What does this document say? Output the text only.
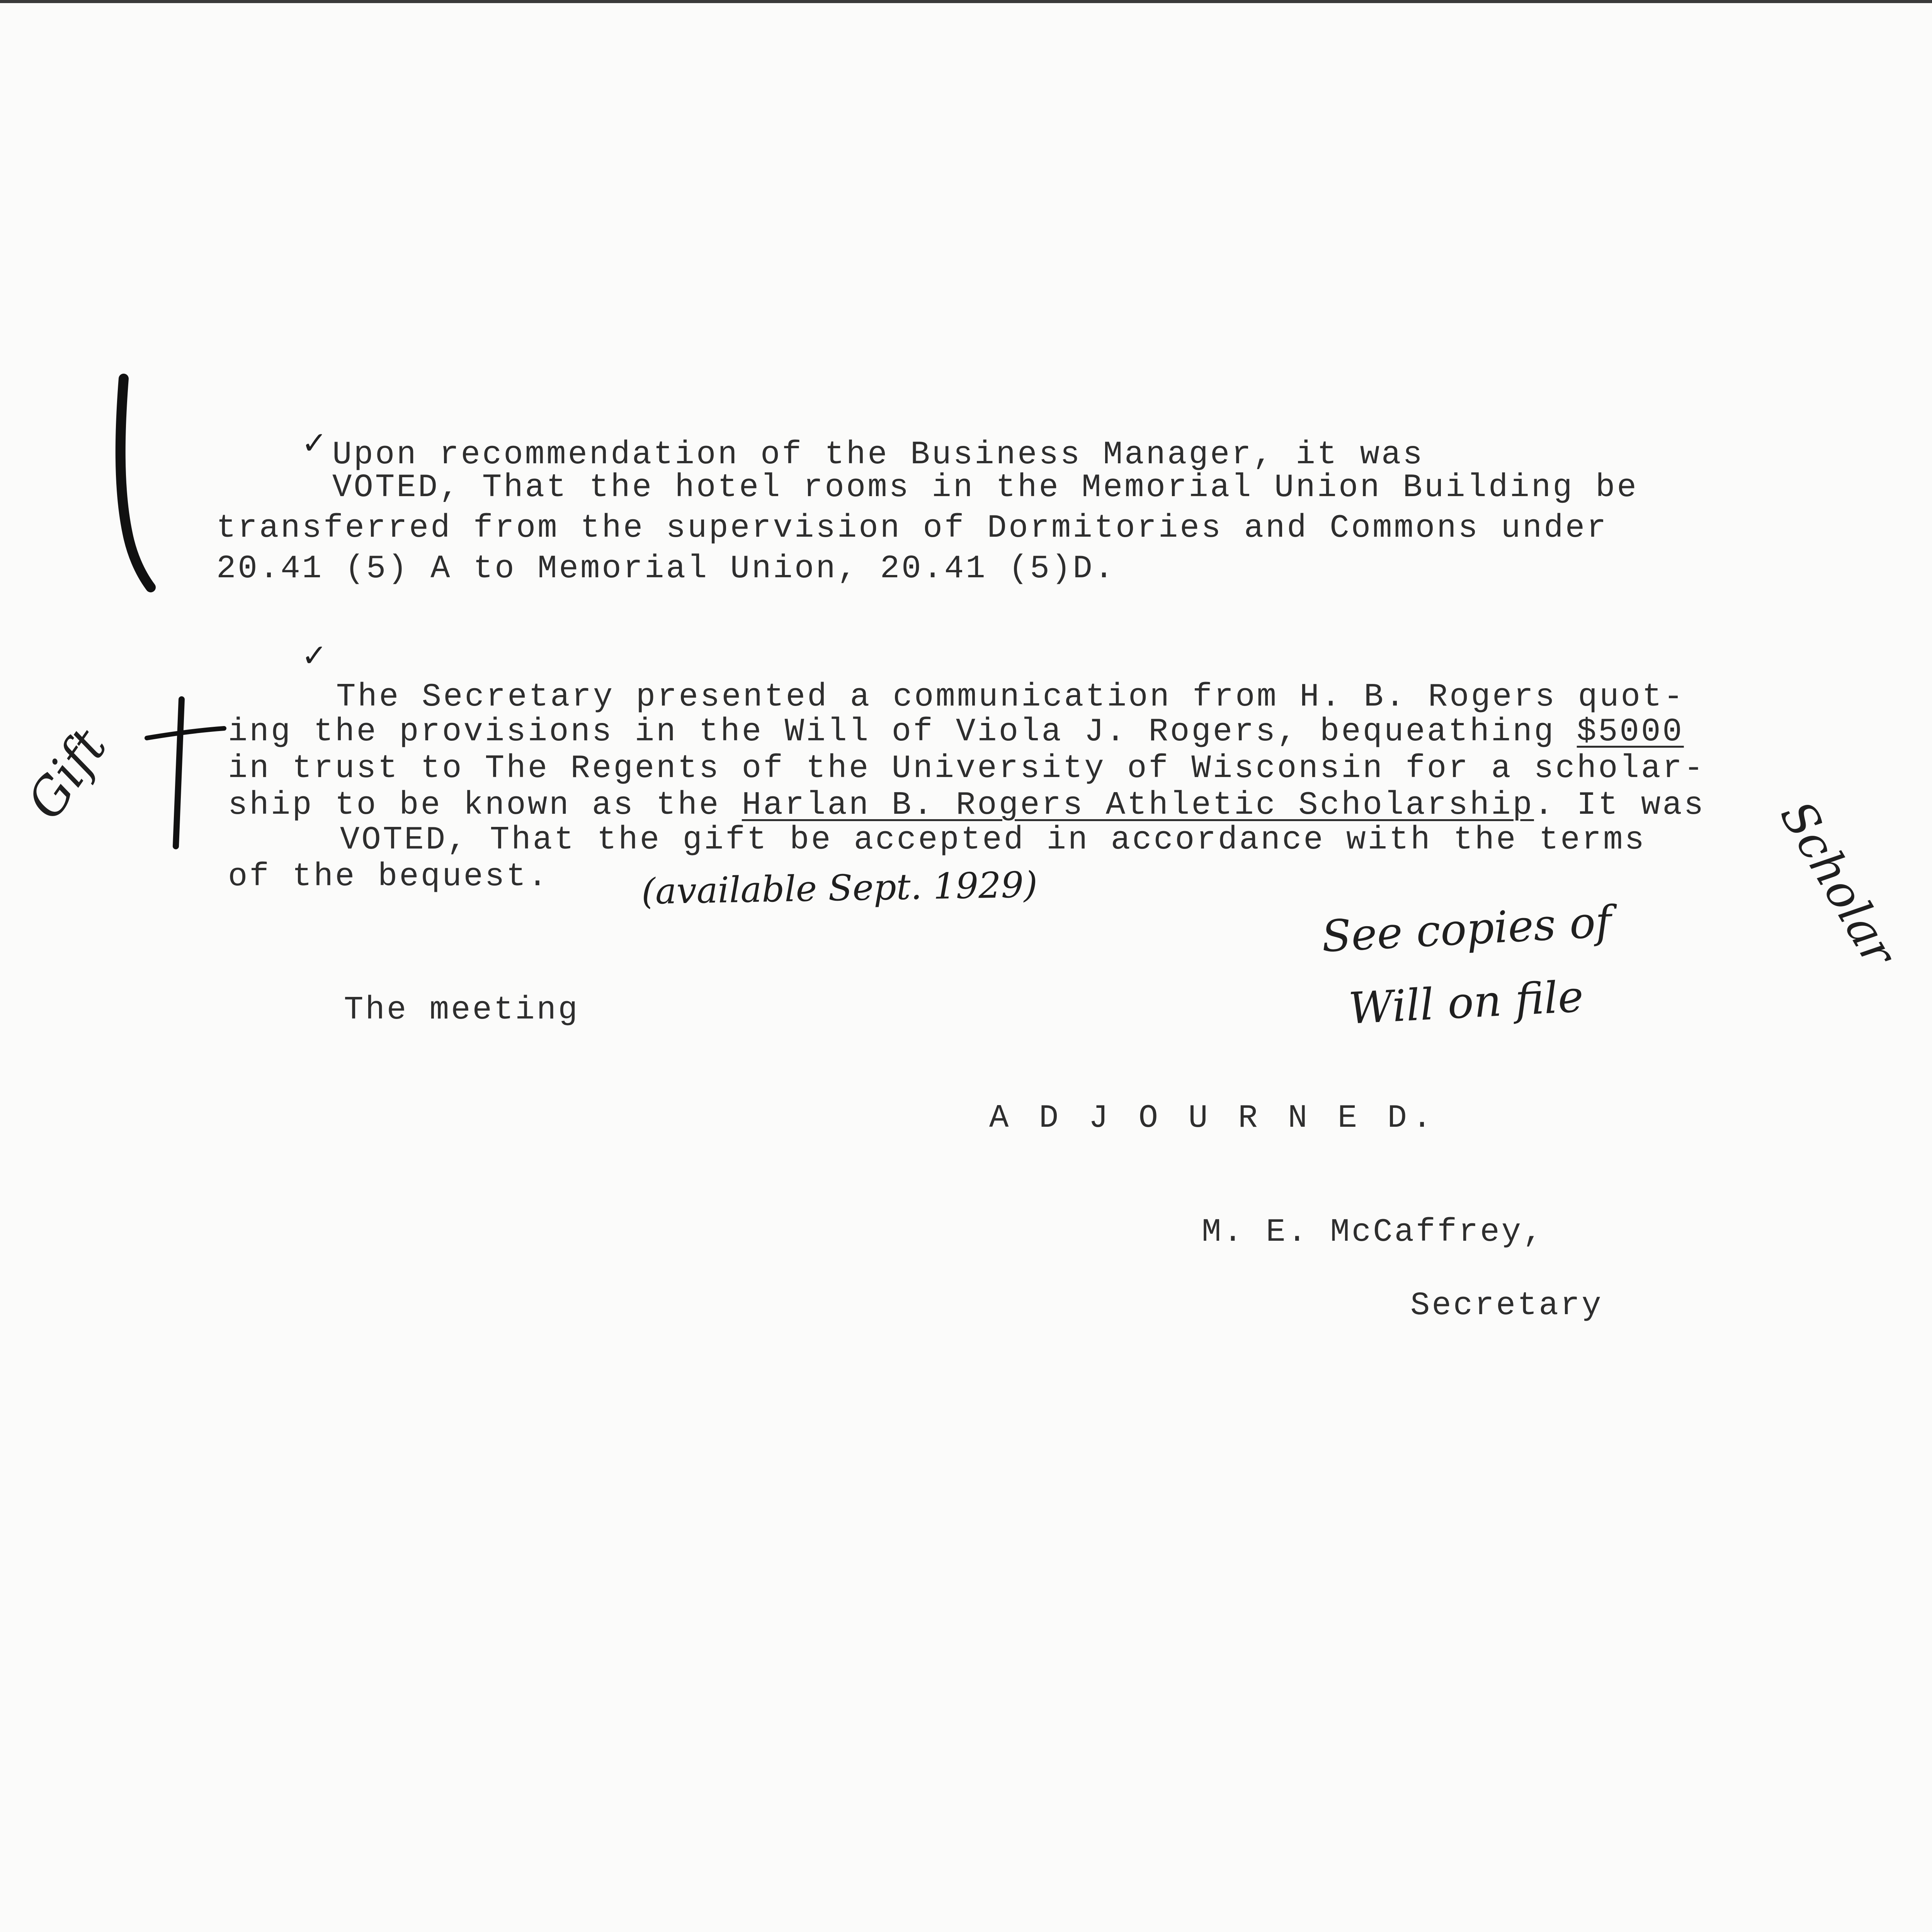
✓
✓
Upon recommendation of the Business Manager, it was
VOTED, That the hotel rooms in the Memorial Union Building be
transferred from the supervision of Dormitories and Commons under
20.41 (5) A to Memorial Union, 20.41 (5)D.
The Secretary presented a communication from H. B. Rogers quot-
ing the provisions in the Will of Viola J. Rogers, bequeathing $5000
in trust to The Regents of the University of Wisconsin for a scholar-
ship to be known as the Harlan B. Rogers Athletic Scholarship. It was
VOTED, That the gift be accepted in accordance with the terms
of the bequest.	(available Sept. 1929)
Gift
Scholar
See copies of
Will on file
The meeting
A D J O U R N E D.
M. E. McCaffrey,
Secretary
